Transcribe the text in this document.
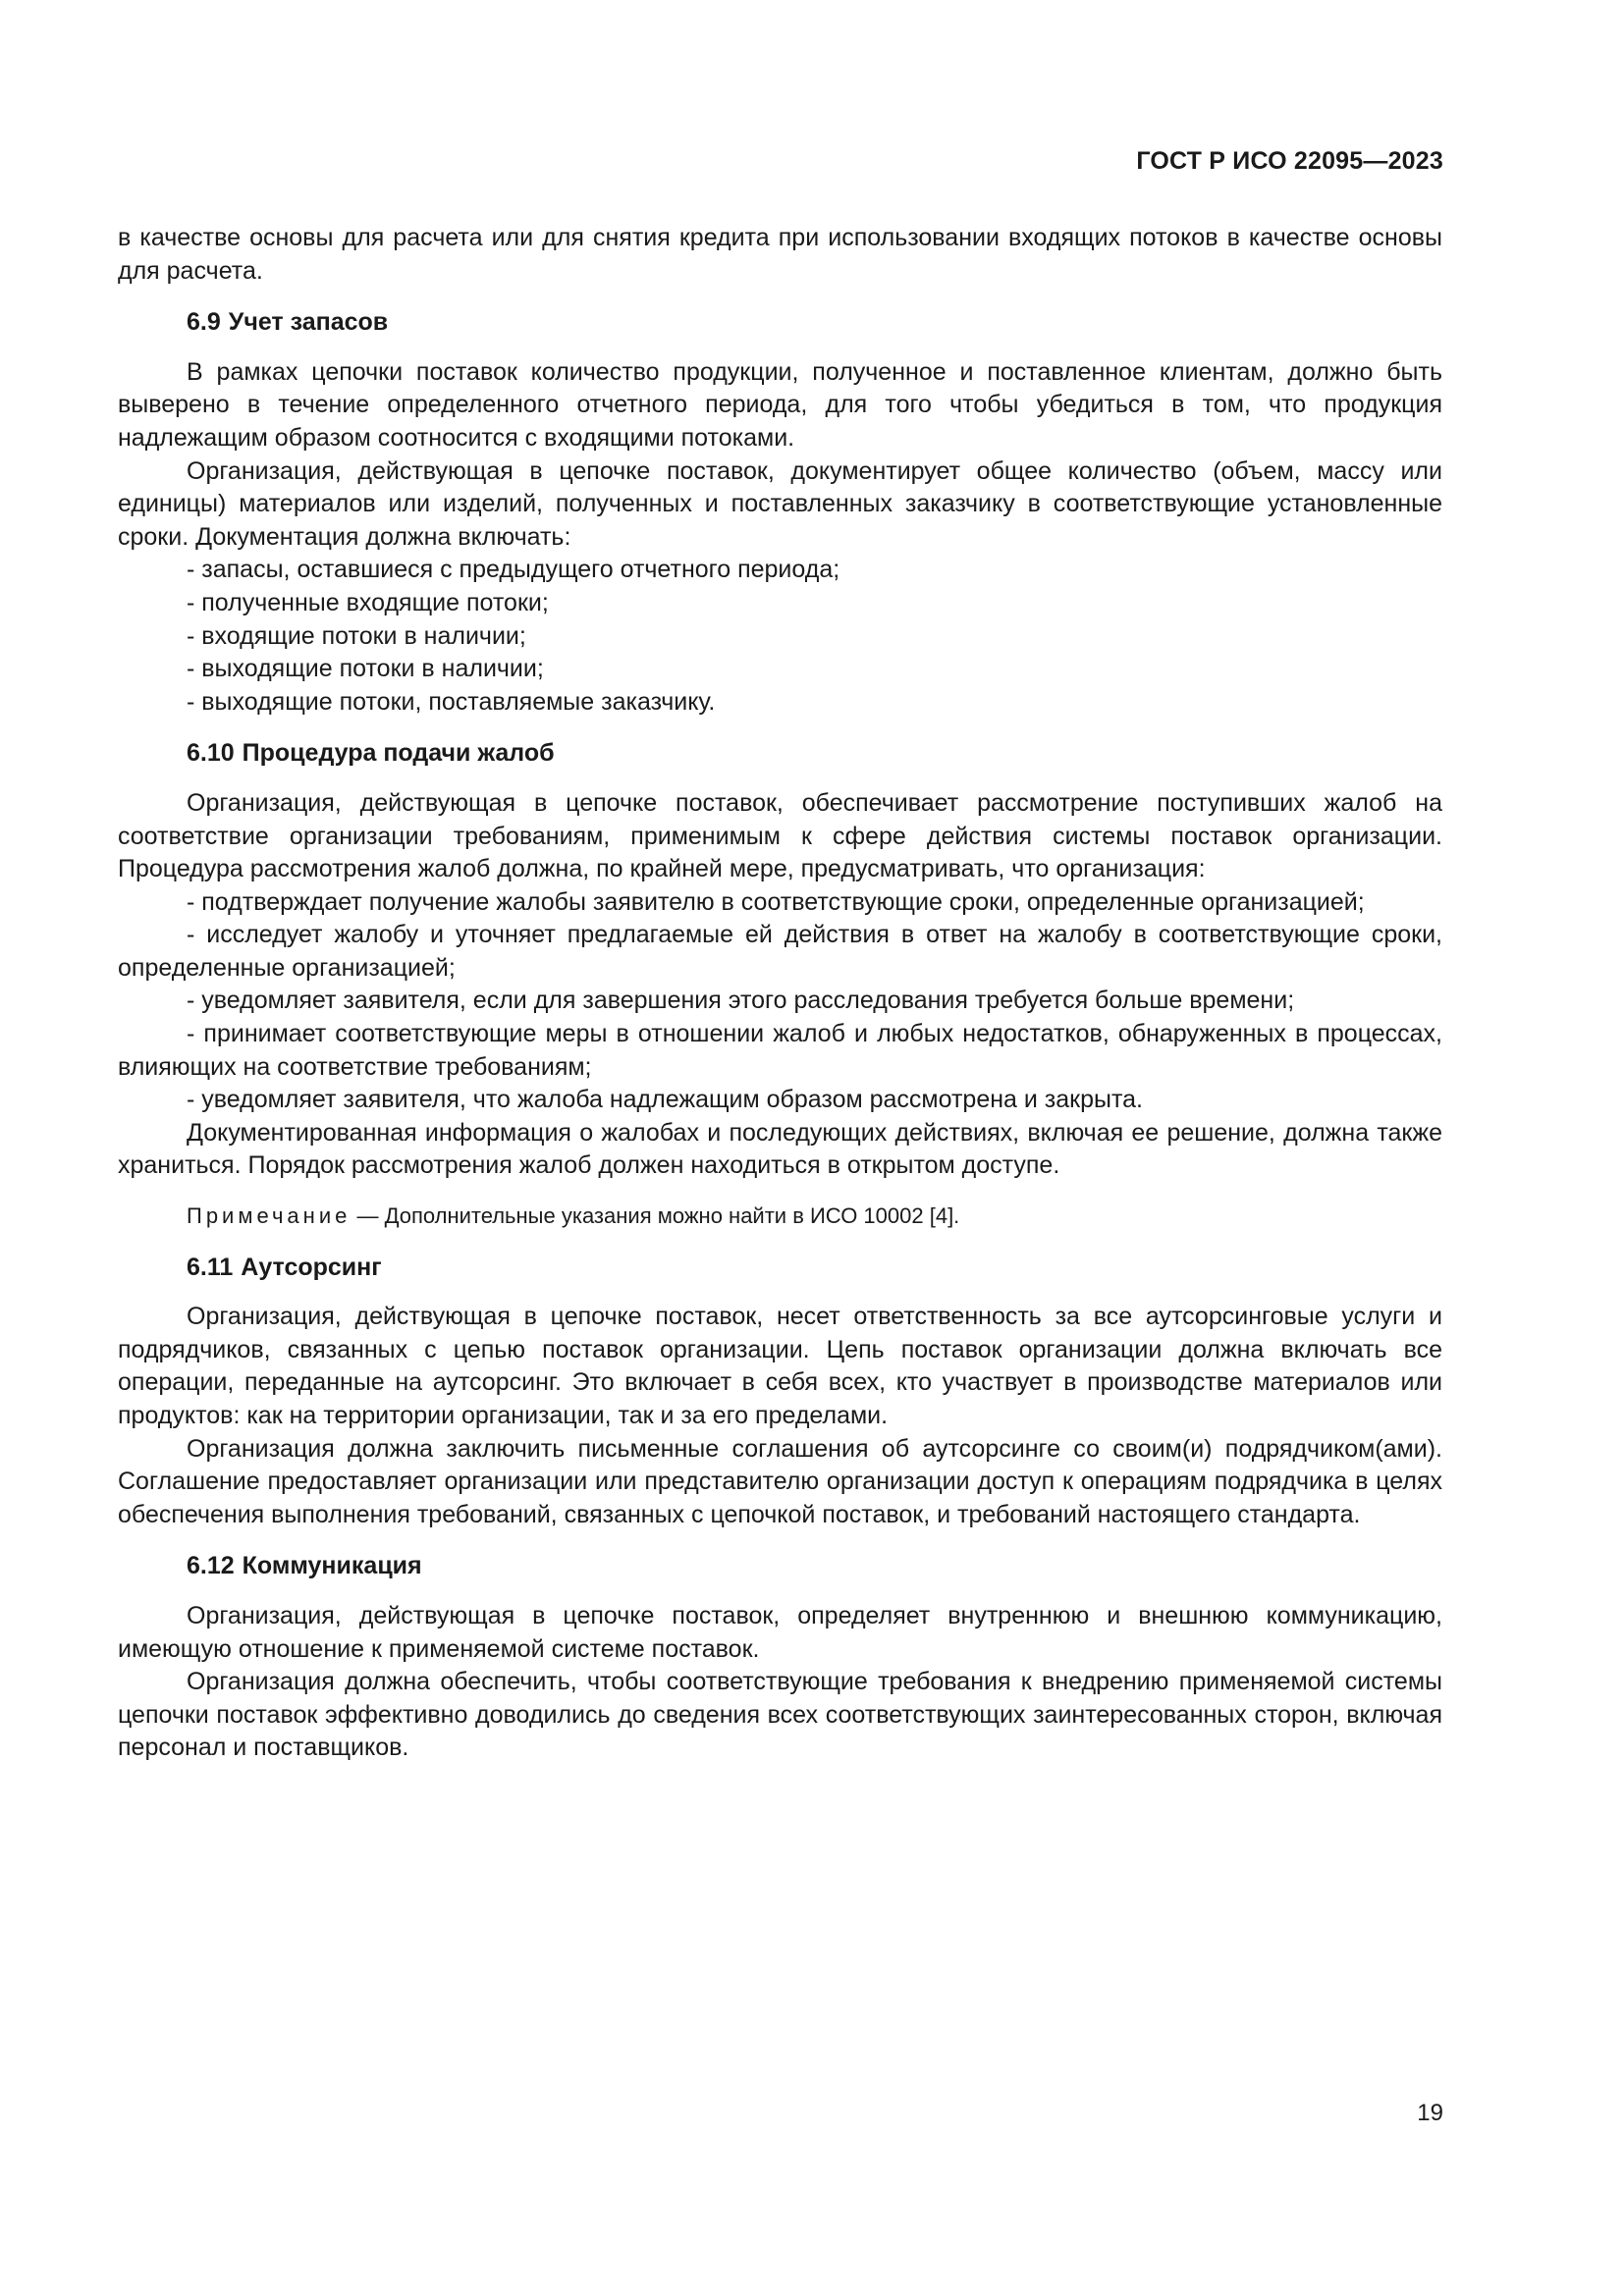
ГОСТ Р ИСО 22095—2023

в качестве основы для расчета или для снятия кредита при использовании входящих потоков в качестве основы для расчета.

6.9 Учет запасов

В рамках цепочки поставок количество продукции, полученное и поставленное клиентам, должно быть выверено в течение определенного отчетного периода, для того чтобы убедиться в том, что продукция надлежащим образом соотносится с входящими потоками.

Организация, действующая в цепочке поставок, документирует общее количество (объем, массу или единицы) материалов или изделий, полученных и поставленных заказчику в соответствующие установленные сроки. Документация должна включать:

- запасы, оставшиеся с предыдущего отчетного периода;

- полученные входящие потоки;

- входящие потоки в наличии;

- выходящие потоки в наличии;

- выходящие потоки, поставляемые заказчику.

6.10 Процедура подачи жалоб

Организация, действующая в цепочке поставок, обеспечивает рассмотрение поступивших жалоб на соответствие организации требованиям, применимым к сфере действия системы поставок организации. Процедура рассмотрения жалоб должна, по крайней мере, предусматривать, что организация:

- подтверждает получение жалобы заявителю в соответствующие сроки, определенные организацией;

- исследует жалобу и уточняет предлагаемые ей действия в ответ на жалобу в соответствующие сроки, определенные организацией;

- уведомляет заявителя, если для завершения этого расследования требуется больше времени;

- принимает соответствующие меры в отношении жалоб и любых недостатков, обнаруженных в процессах, влияющих на соответствие требованиям;

- уведомляет заявителя, что жалоба надлежащим образом рассмотрена и закрыта.

Документированная информация о жалобах и последующих действиях, включая ее решение, должна также храниться. Порядок рассмотрения жалоб должен находиться в открытом доступе.

Примечание — Дополнительные указания можно найти в ИСО 10002 [4].

6.11 Аутсорсинг

Организация, действующая в цепочке поставок, несет ответственность за все аутсорсинговые услуги и подрядчиков, связанных с цепью поставок организации. Цепь поставок организации должна включать все операции, переданные на аутсорсинг. Это включает в себя всех, кто участвует в производстве материалов или продуктов: как на территории организации, так и за его пределами.

Организация должна заключить письменные соглашения об аутсорсинге со своим(и) подрядчиком(ами). Соглашение предоставляет организации или представителю организации доступ к операциям подрядчика в целях обеспечения выполнения требований, связанных с цепочкой поставок, и требований настоящего стандарта.

6.12 Коммуникация

Организация, действующая в цепочке поставок, определяет внутреннюю и внешнюю коммуникацию, имеющую отношение к применяемой системе поставок.

Организация должна обеспечить, чтобы соответствующие требования к внедрению применяемой системы цепочки поставок эффективно доводились до сведения всех соответствующих заинтересованных сторон, включая персонал и поставщиков.

19
